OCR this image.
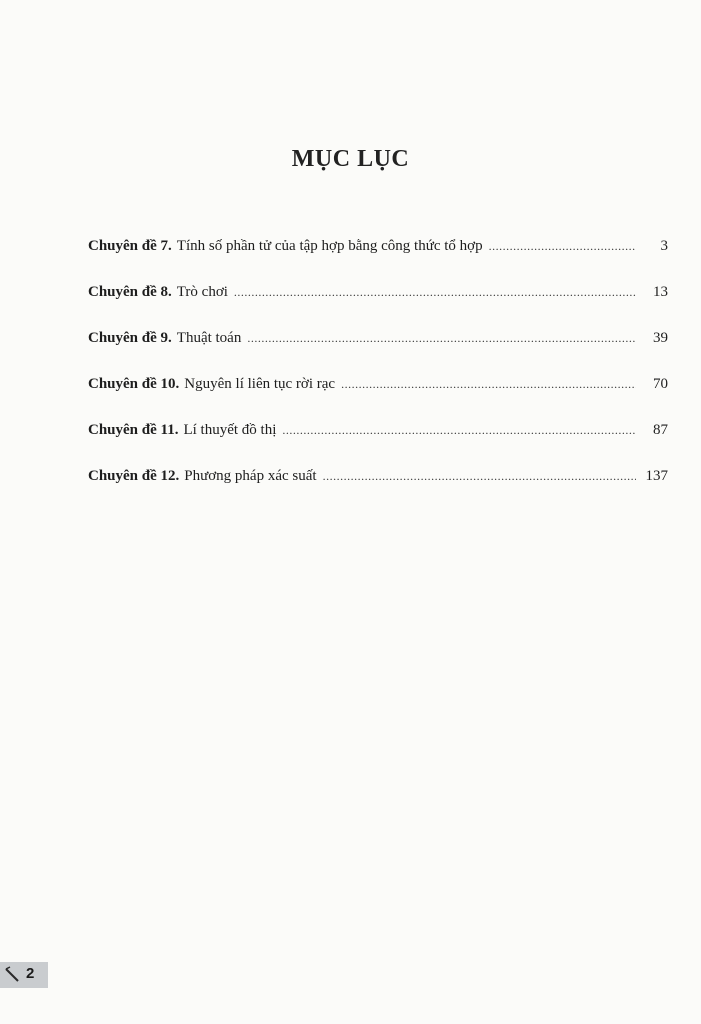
MỤC LỤC
Chuyên đề 7. Tính số phần tử của tập hợp bằng công thức tổ hợp .....	3
Chuyên đề 8. Trò chơi .....	13
Chuyên đề 9. Thuật toán .....	39
Chuyên đề 10. Nguyên lí liên tục rời rạc .....	70
Chuyên đề 11. Lí thuyết đồ thị .....	87
Chuyên đề 12. Phương pháp xác suất .....	137
2
